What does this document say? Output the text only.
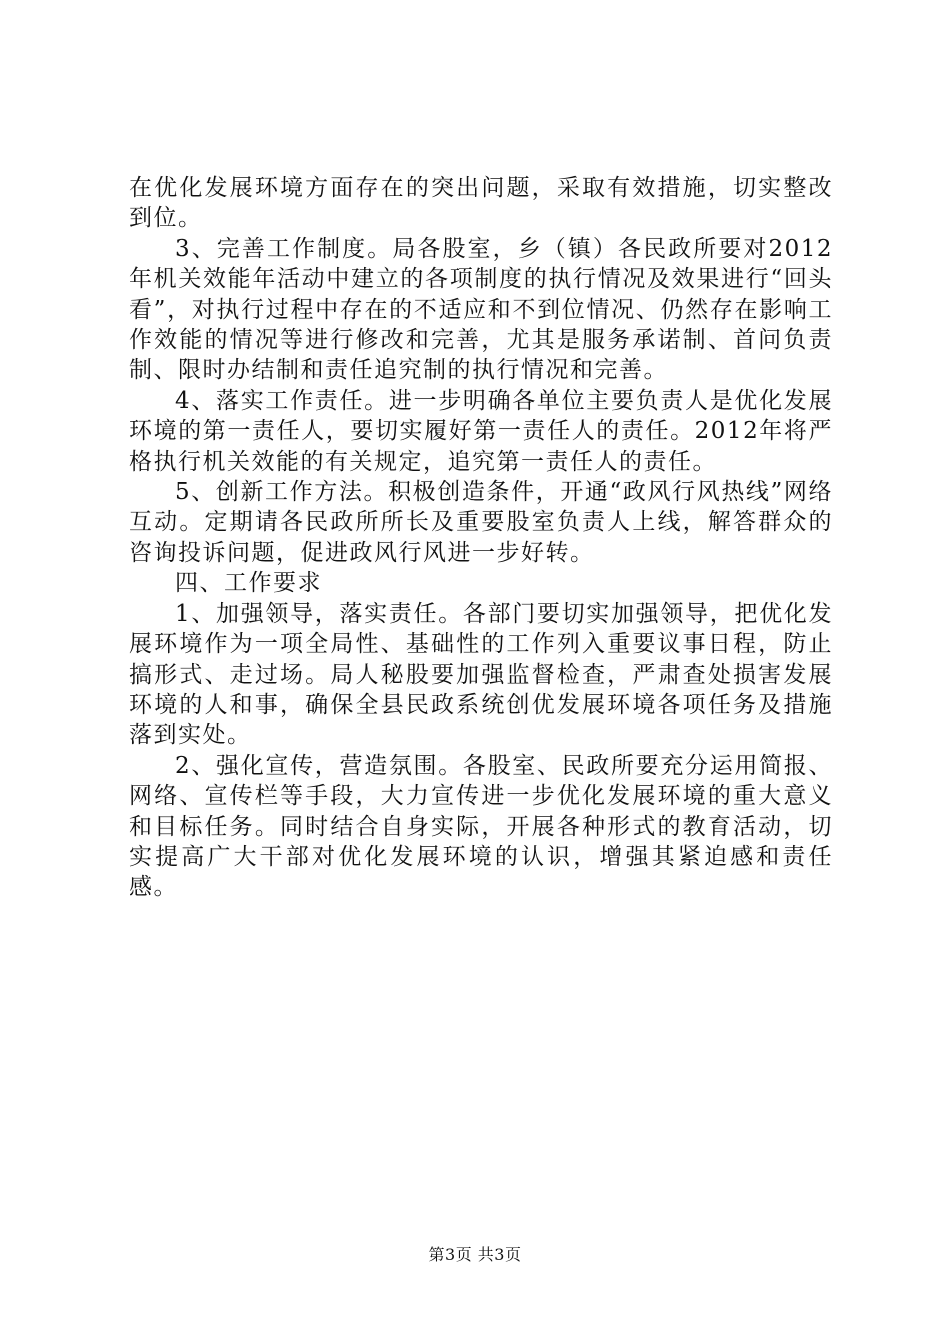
在优化发展环境方面存在的突出问题，采取有效措施，切实整改到位。

3、完善工作制度。局各股室，乡（镇）各民政所要对2012年机关效能年活动中建立的各项制度的执行情况及效果进行“回头看”，对执行过程中存在的不适应和不到位情况、仍然存在影响工作效能的情况等进行修改和完善，尤其是服务承诺制、首问负责制、限时办结制和责任追究制的执行情况和完善。

4、落实工作责任。进一步明确各单位主要负责人是优化发展环境的第一责任人，要切实履好第一责任人的责任。2012年将严格执行机关效能的有关规定，追究第一责任人的责任。

5、创新工作方法。积极创造条件，开通“政风行风热线”网络互动。定期请各民政所所长及重要股室负责人上线，解答群众的咨询投诉问题，促进政风行风进一步好转。

四、工作要求

1、加强领导，落实责任。各部门要切实加强领导，把优化发展环境作为一项全局性、基础性的工作列入重要议事日程，防止搞形式、走过场。局人秘股要加强监督检查，严肃查处损害发展环境的人和事，确保全县民政系统创优发展环境各项任务及措施落到实处。

2、强化宣传，营造氛围。各股室、民政所要充分运用简报、网络、宣传栏等手段，大力宣传进一步优化发展环境的重大意义和目标任务。同时结合自身实际，开展各种形式的教育活动，切实提高广大干部对优化发展环境的认识，增强其紧迫感和责任感。

第3页 共3页
